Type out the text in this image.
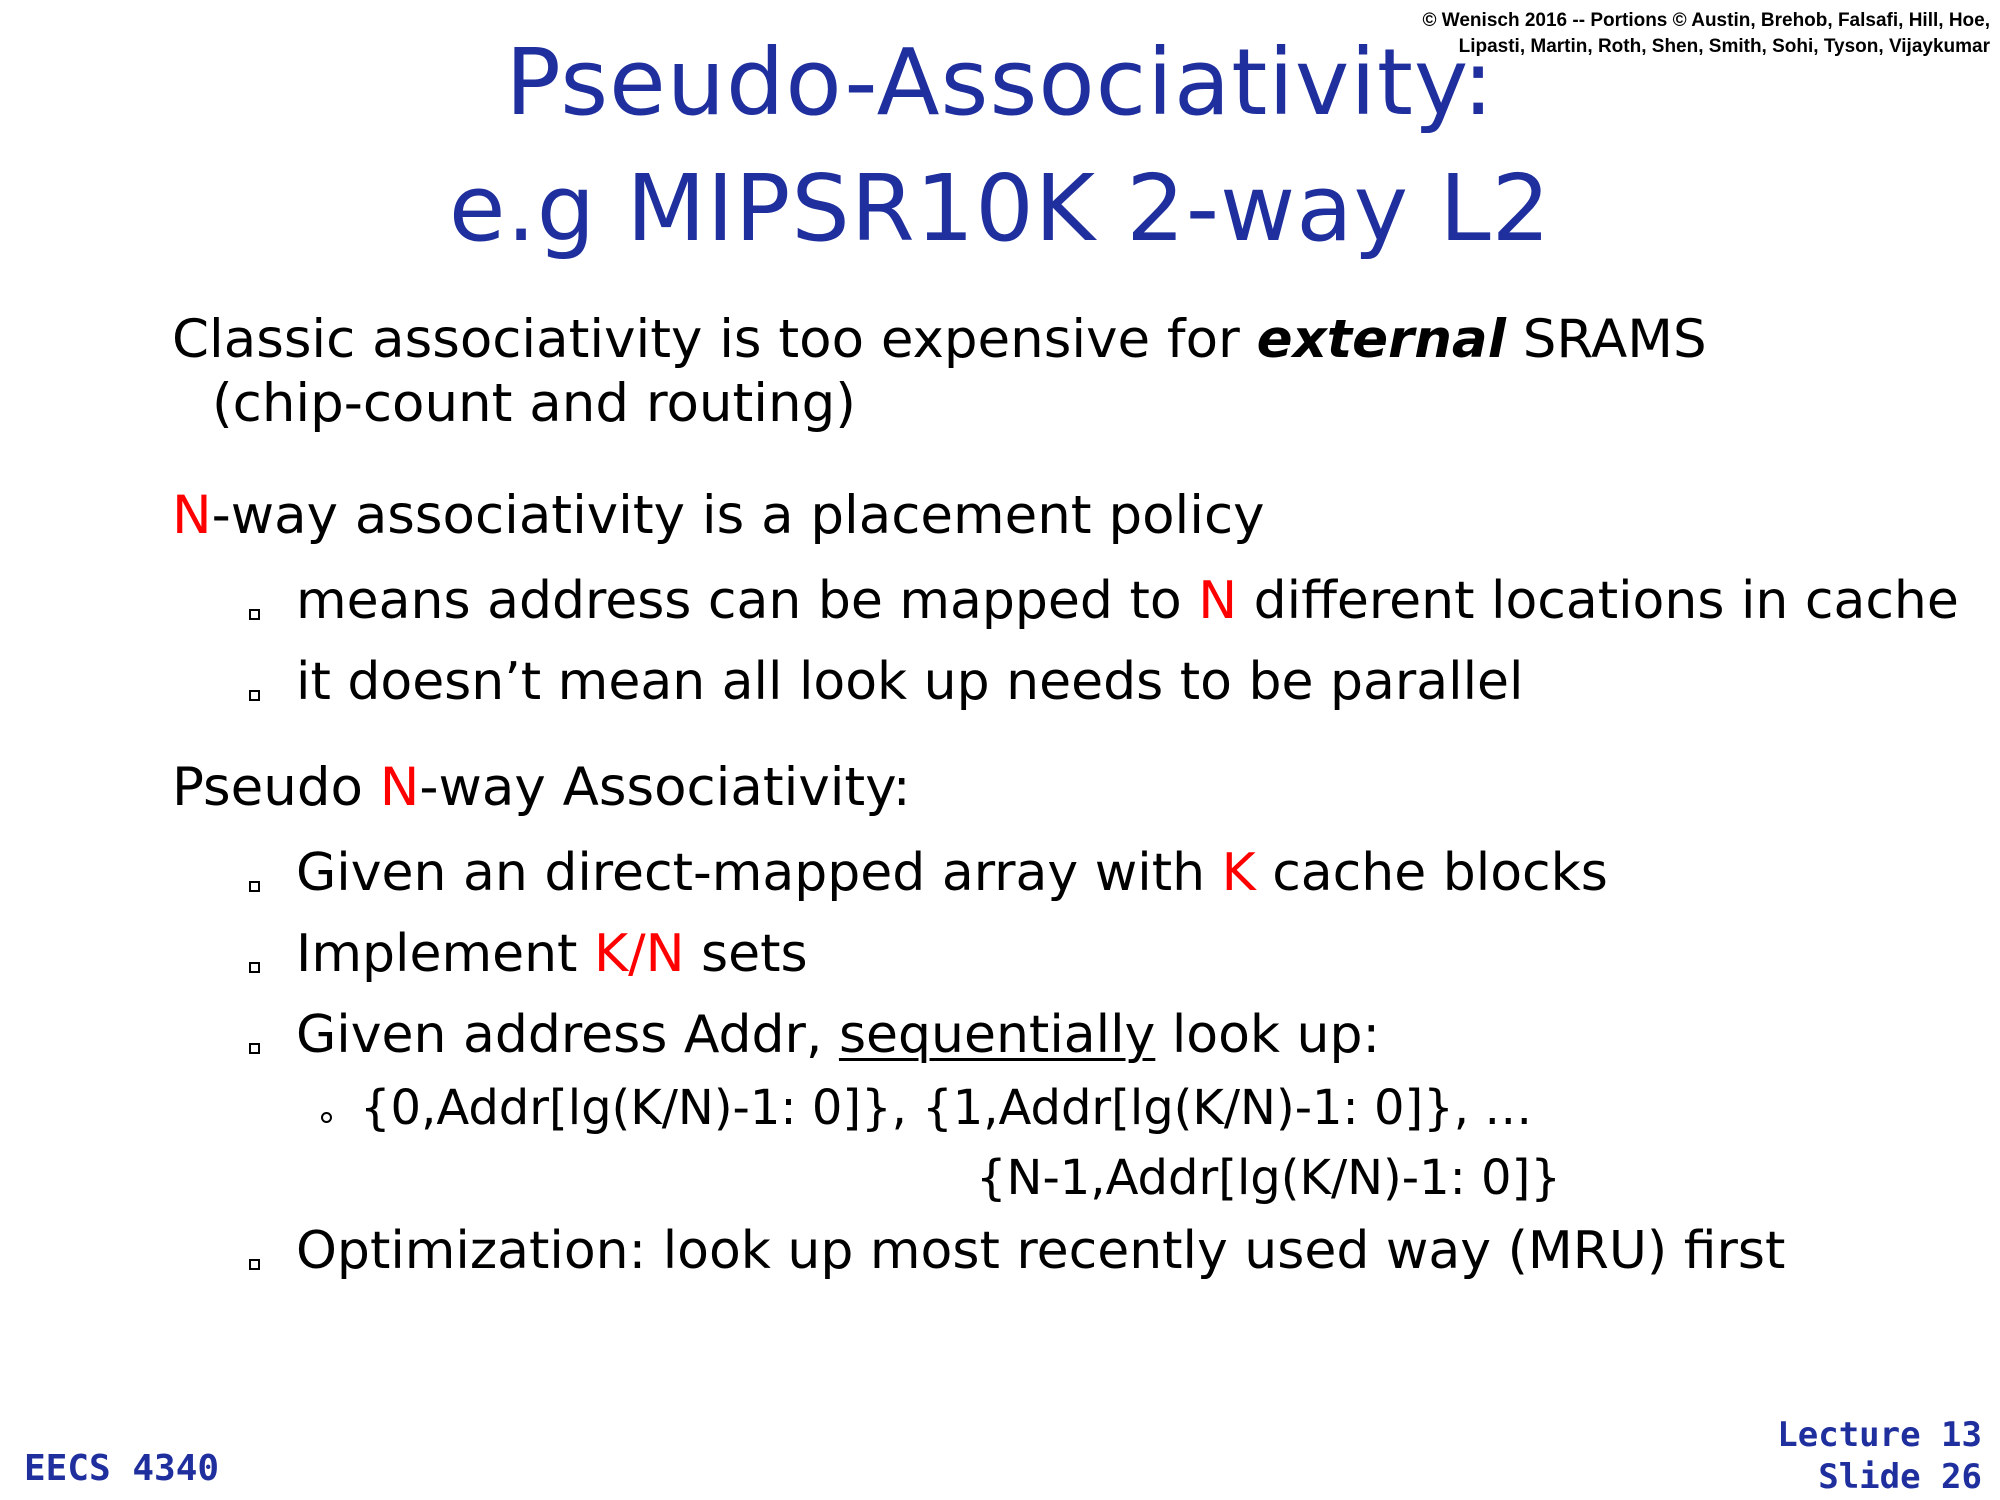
© Wenisch 2016 -- Portions © Austin, Brehob, Falsafi, Hill, Hoe,
Lipasti, Martin, Roth, Shen, Smith, Sohi, Tyson, Vijaykumar
Pseudo-Associativity:
e.g MIPSR10K 2-way L2
Classic associativity is too expensive for external SRAMS
(chip-count and routing)
N-way associativity is a placement policy
means address can be mapped to N different locations in cache
it doesn’t mean all look up needs to be parallel
Pseudo N-way Associativity:
Given an direct-mapped array with K cache blocks
Implement K/N sets
Given address Addr, sequentially look up:
{0,Addr[lg(K/N)-1: 0]}, {1,Addr[lg(K/N)-1: 0]}, …
{N-1,Addr[lg(K/N)-1: 0]}
Optimization: look up most recently used way (MRU) first
EECS 4340
Lecture 13
Slide 26
